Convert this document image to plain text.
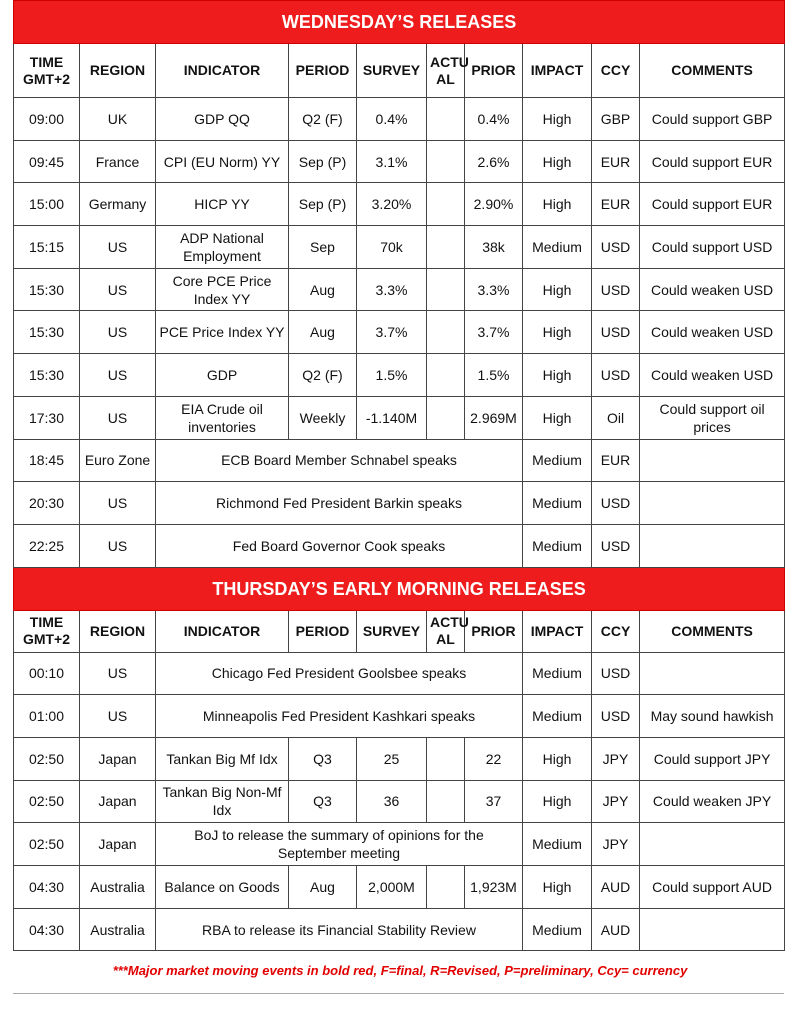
WEDNESDAY’S RELEASES									
TIME GMT+2	REGION	INDICATOR	PERIOD	SURVEY	ACTU AL	PRIOR	IMPACT	CCY	COMMENTS
09:00	UK	GDP QQ	Q2 (F)	0.4%		0.4%	High	GBP	Could support GBP
09:45	France	CPI (EU Norm) YY	Sep (P)	3.1%		2.6%	High	EUR	Could support EUR
15:00	Germany	HICP YY	Sep (P)	3.20%		2.90%	High	EUR	Could support EUR
15:15	US	ADP National Employment	Sep	70k		38k	Medium	USD	Could support USD
15:30	US	Core PCE Price Index YY	Aug	3.3%		3.3%	High	USD	Could weaken USD
15:30	US	PCE Price Index YY	Aug	3.7%		3.7%	High	USD	Could weaken USD
15:30	US	GDP	Q2 (F)	1.5%		1.5%	High	USD	Could weaken USD
17:30	US	EIA Crude oil inventories	Weekly	-1.140M		2.969M	High	Oil	Could support oil prices
18:45	Euro Zone	ECB Board Member Schnabel speaks					Medium	EUR	
20:30	US	Richmond Fed President Barkin speaks					Medium	USD	
22:25	US	Fed Board Governor Cook speaks					Medium	USD	
THURSDAY’S EARLY MORNING RELEASES									
TIME GMT+2	REGION	INDICATOR	PERIOD	SURVEY	ACTU AL	PRIOR	IMPACT	CCY	COMMENTS
00:10	US	Chicago Fed President Goolsbee speaks					Medium	USD	
01:00	US	Minneapolis Fed President Kashkari speaks					Medium	USD	May sound hawkish
02:50	Japan	Tankan Big Mf Idx	Q3	25		22	High	JPY	Could support JPY
02:50	Japan	Tankan Big Non-Mf Idx	Q3	36		37	High	JPY	Could weaken JPY
02:50	Japan	BoJ to release the summary of opinions for the September meeting					Medium	JPY	
04:30	Australia	Balance on Goods	Aug	2,000M		1,923M	High	AUD	Could support AUD
04:30	Australia	RBA to release its Financial Stability Review					Medium	AUD	
***Major market moving events in bold red, F=final, R=Revised, P=preliminary, Ccy= currency
